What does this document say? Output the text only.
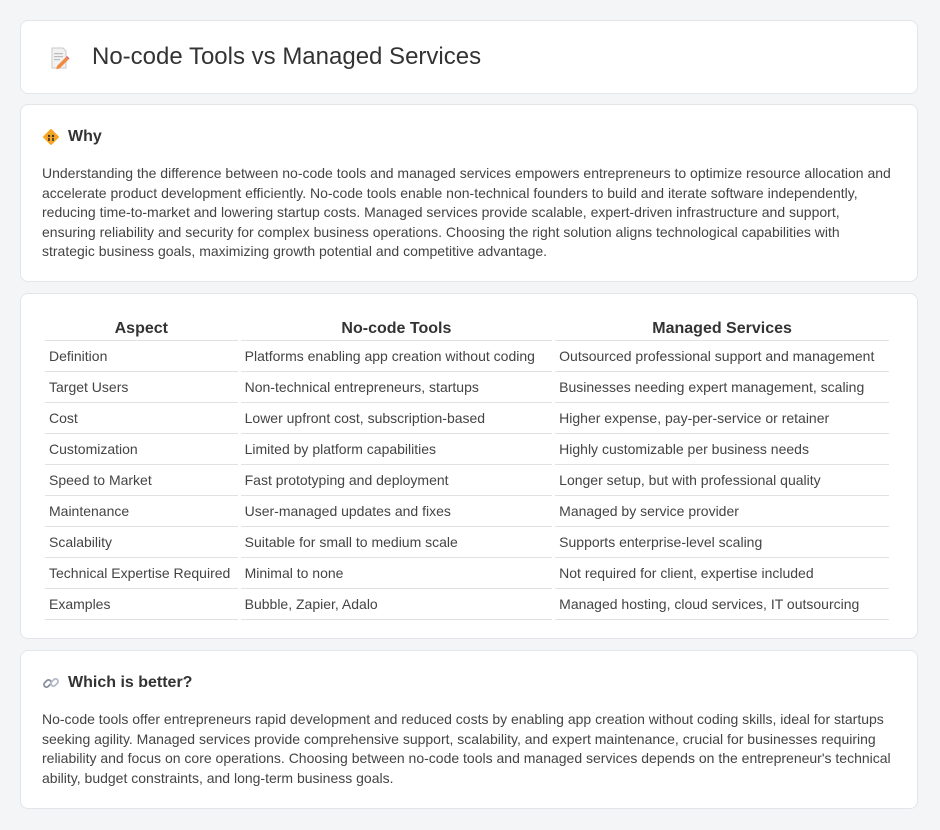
No-code Tools vs Managed Services
Why

Understanding the difference between no-code tools and managed services empowers entrepreneurs to optimize resource allocation and accelerate product development efficiently. No-code tools enable non-technical founders to build and iterate software independently, reducing time-to-market and lowering startup costs. Managed services provide scalable, expert-driven infrastructure and support, ensuring reliability and security for complex business operations. Choosing the right solution aligns technological capabilities with strategic business goals, maximizing growth potential and competitive advantage.

Aspect	No-code Tools	Managed Services
Definition	Platforms enabling app creation without coding	Outsourced professional support and management
Target Users	Non-technical entrepreneurs, startups	Businesses needing expert management, scaling
Cost	Lower upfront cost, subscription-based	Higher expense, pay-per-service or retainer
Customization	Limited by platform capabilities	Highly customizable per business needs
Speed to Market	Fast prototyping and deployment	Longer setup, but with professional quality
Maintenance	User-managed updates and fixes	Managed by service provider
Scalability	Suitable for small to medium scale	Supports enterprise-level scaling
Technical Expertise Required	Minimal to none	Not required for client, expertise included
Examples	Bubble, Zapier, Adalo	Managed hosting, cloud services, IT outsourcing
Which is better?

No-code tools offer entrepreneurs rapid development and reduced costs by enabling app creation without coding skills, ideal for startups seeking agility. Managed services provide comprehensive support, scalability, and expert maintenance, crucial for businesses requiring reliability and focus on core operations. Choosing between no-code tools and managed services depends on the entrepreneur's technical ability, budget constraints, and long-term business goals.
